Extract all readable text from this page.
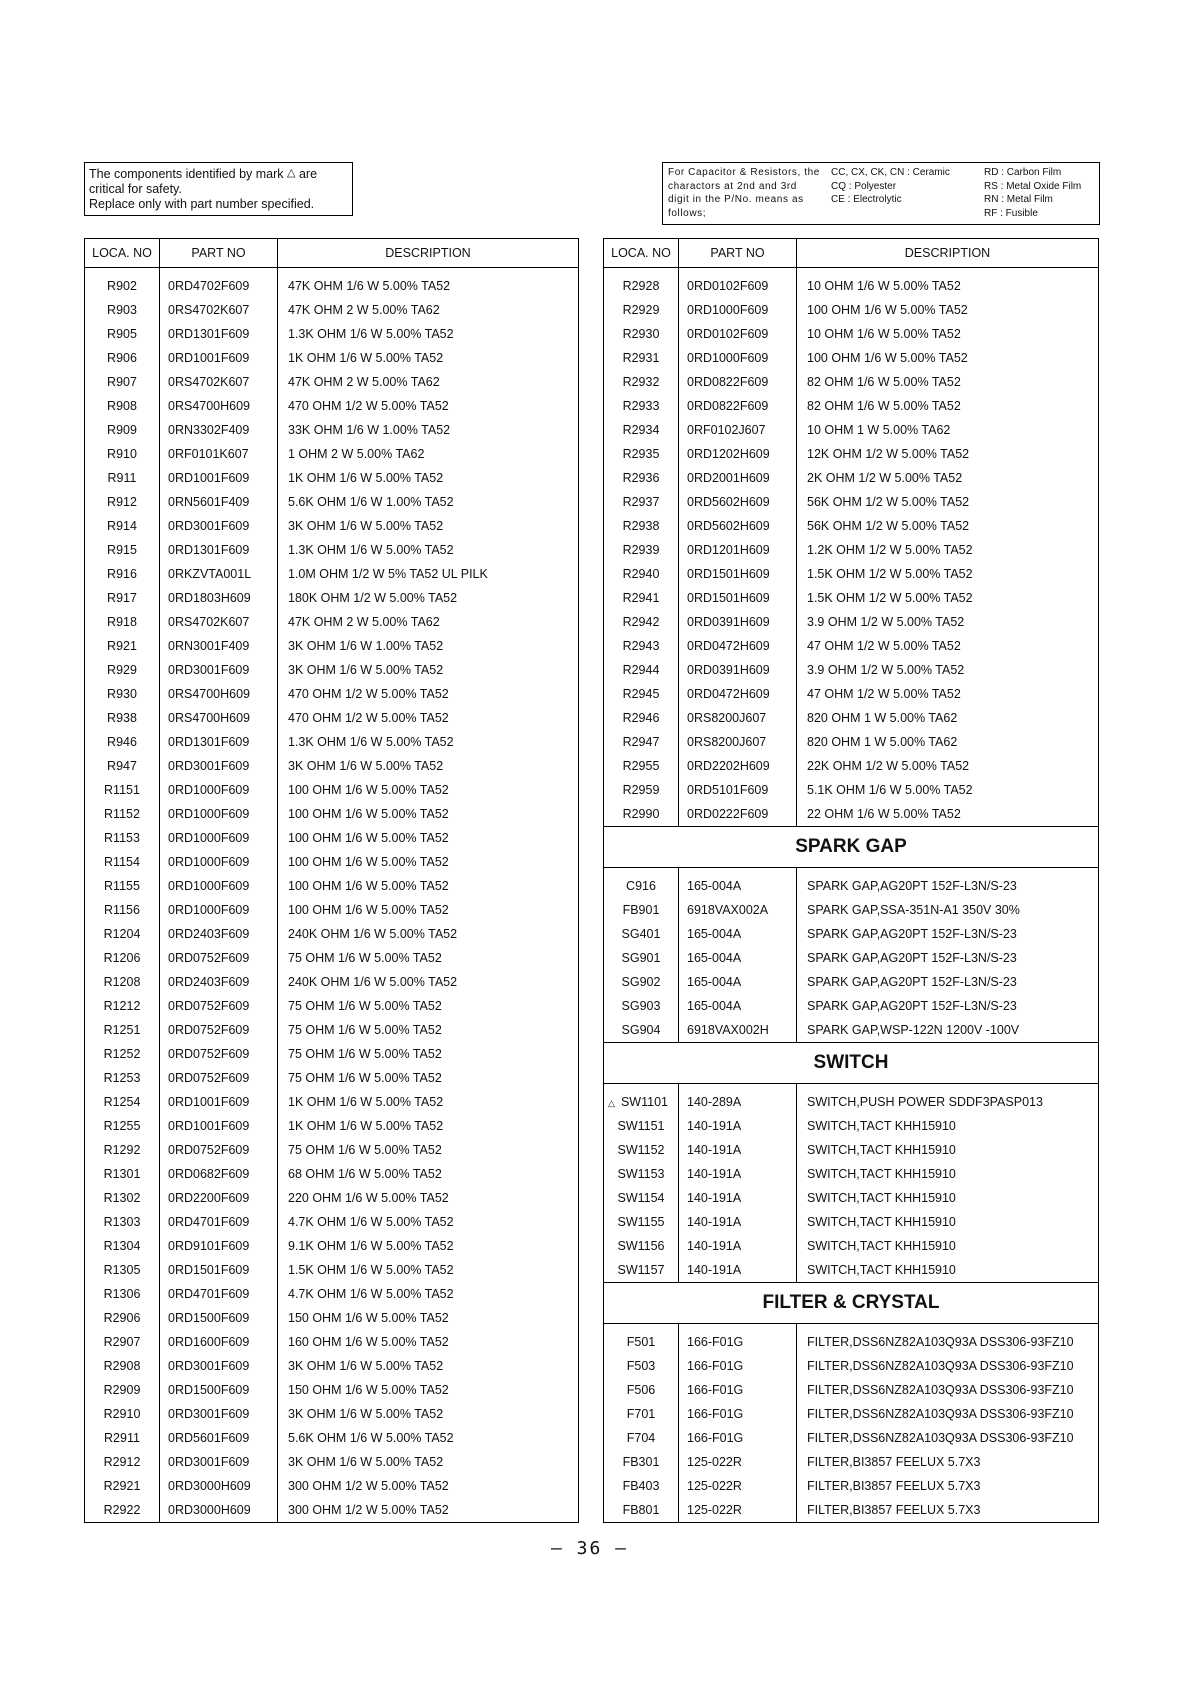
The components identified by mark △ are
critical for safety.
Replace only with part number specified.
For Capacitor & Resistors, the charactors at 2nd and 3rd digit in the P/No. means as follows;
CC, CX, CK, CN : Ceramic
CQ : Polyester
CE : Electrolytic
RD : Carbon Film
RS : Metal Oxide Film
RN : Metal Film
RF : Fusible
LOCA. NO	PART NO	DESCRIPTION
R902	0RD4702F609	47K OHM 1/6 W 5.00% TA52
R903	0RS4702K607	47K OHM 2 W 5.00% TA62
R905	0RD1301F609	1.3K OHM 1/6 W 5.00% TA52
R906	0RD1001F609	1K OHM 1/6 W 5.00% TA52
R907	0RS4702K607	47K OHM 2 W 5.00% TA62
R908	0RS4700H609	470 OHM 1/2 W 5.00% TA52
R909	0RN3302F409	33K OHM 1/6 W 1.00% TA52
R910	0RF0101K607	1 OHM 2 W 5.00% TA62
R911	0RD1001F609	1K OHM 1/6 W 5.00% TA52
R912	0RN5601F409	5.6K OHM 1/6 W 1.00% TA52
R914	0RD3001F609	3K OHM 1/6 W 5.00% TA52
R915	0RD1301F609	1.3K OHM 1/6 W 5.00% TA52
R916	0RKZVTA001L	1.0M OHM 1/2 W 5% TA52 UL PILK
R917	0RD1803H609	180K OHM 1/2 W 5.00% TA52
R918	0RS4702K607	47K OHM 2 W 5.00% TA62
R921	0RN3001F409	3K OHM 1/6 W 1.00% TA52
R929	0RD3001F609	3K OHM 1/6 W 5.00% TA52
R930	0RS4700H609	470 OHM 1/2 W 5.00% TA52
R938	0RS4700H609	470 OHM 1/2 W 5.00% TA52
R946	0RD1301F609	1.3K OHM 1/6 W 5.00% TA52
R947	0RD3001F609	3K OHM 1/6 W 5.00% TA52
R1151	0RD1000F609	100 OHM 1/6 W 5.00% TA52
R1152	0RD1000F609	100 OHM 1/6 W 5.00% TA52
R1153	0RD1000F609	100 OHM 1/6 W 5.00% TA52
R1154	0RD1000F609	100 OHM 1/6 W 5.00% TA52
R1155	0RD1000F609	100 OHM 1/6 W 5.00% TA52
R1156	0RD1000F609	100 OHM 1/6 W 5.00% TA52
R1204	0RD2403F609	240K OHM 1/6 W 5.00% TA52
R1206	0RD0752F609	75 OHM 1/6 W 5.00% TA52
R1208	0RD2403F609	240K OHM 1/6 W 5.00% TA52
R1212	0RD0752F609	75 OHM 1/6 W 5.00% TA52
R1251	0RD0752F609	75 OHM 1/6 W 5.00% TA52
R1252	0RD0752F609	75 OHM 1/6 W 5.00% TA52
R1253	0RD0752F609	75 OHM 1/6 W 5.00% TA52
R1254	0RD1001F609	1K OHM 1/6 W 5.00% TA52
R1255	0RD1001F609	1K OHM 1/6 W 5.00% TA52
R1292	0RD0752F609	75 OHM 1/6 W 5.00% TA52
R1301	0RD0682F609	68 OHM 1/6 W 5.00% TA52
R1302	0RD2200F609	220 OHM 1/6 W 5.00% TA52
R1303	0RD4701F609	4.7K OHM 1/6 W 5.00% TA52
R1304	0RD9101F609	9.1K OHM 1/6 W 5.00% TA52
R1305	0RD1501F609	1.5K OHM 1/6 W 5.00% TA52
R1306	0RD4701F609	4.7K OHM 1/6 W 5.00% TA52
R2906	0RD1500F609	150 OHM 1/6 W 5.00% TA52
R2907	0RD1600F609	160 OHM 1/6 W 5.00% TA52
R2908	0RD3001F609	3K OHM 1/6 W 5.00% TA52
R2909	0RD1500F609	150 OHM 1/6 W 5.00% TA52
R2910	0RD3001F609	3K OHM 1/6 W 5.00% TA52
R2911	0RD5601F609	5.6K OHM 1/6 W 5.00% TA52
R2912	0RD3001F609	3K OHM 1/6 W 5.00% TA52
R2921	0RD3000H609	300 OHM 1/2 W 5.00% TA52
R2922	0RD3000H609	300 OHM 1/2 W 5.00% TA52
LOCA. NO	PART NO	DESCRIPTION
R2928	0RD0102F609	10 OHM 1/6 W 5.00% TA52
R2929	0RD1000F609	100 OHM 1/6 W 5.00% TA52
R2930	0RD0102F609	10 OHM 1/6 W 5.00% TA52
R2931	0RD1000F609	100 OHM 1/6 W 5.00% TA52
R2932	0RD0822F609	82 OHM 1/6 W 5.00% TA52
R2933	0RD0822F609	82 OHM 1/6 W 5.00% TA52
R2934	0RF0102J607	10 OHM 1 W 5.00% TA62
R2935	0RD1202H609	12K OHM 1/2 W 5.00% TA52
R2936	0RD2001H609	2K OHM 1/2 W 5.00% TA52
R2937	0RD5602H609	56K OHM 1/2 W 5.00% TA52
R2938	0RD5602H609	56K OHM 1/2 W 5.00% TA52
R2939	0RD1201H609	1.2K OHM 1/2 W 5.00% TA52
R2940	0RD1501H609	1.5K OHM 1/2 W 5.00% TA52
R2941	0RD1501H609	1.5K OHM 1/2 W 5.00% TA52
R2942	0RD0391H609	3.9 OHM 1/2 W 5.00% TA52
R2943	0RD0472H609	47 OHM 1/2 W 5.00% TA52
R2944	0RD0391H609	3.9 OHM 1/2 W 5.00% TA52
R2945	0RD0472H609	47 OHM 1/2 W 5.00% TA52
R2946	0RS8200J607	820 OHM 1 W 5.00% TA62
R2947	0RS8200J607	820 OHM 1 W 5.00% TA62
R2955	0RD2202H609	22K OHM 1/2 W 5.00% TA52
R2959	0RD5101F609	5.1K OHM 1/6 W 5.00% TA52
R2990	0RD0222F609	22 OHM 1/6 W 5.00% TA52
SPARK GAP		
C916	165-004A	SPARK GAP,AG20PT 152F-L3N/S-23
FB901	6918VAX002A	SPARK GAP,SSA-351N-A1 350V 30%
SG401	165-004A	SPARK GAP,AG20PT 152F-L3N/S-23
SG901	165-004A	SPARK GAP,AG20PT 152F-L3N/S-23
SG902	165-004A	SPARK GAP,AG20PT 152F-L3N/S-23
SG903	165-004A	SPARK GAP,AG20PT 152F-L3N/S-23
SG904	6918VAX002H	SPARK GAP,WSP-122N 1200V -100V
SWITCH		
△ SW1101	140-289A	SWITCH,PUSH POWER SDDF3PASP013
SW1151	140-191A	SWITCH,TACT KHH15910
SW1152	140-191A	SWITCH,TACT KHH15910
SW1153	140-191A	SWITCH,TACT KHH15910
SW1154	140-191A	SWITCH,TACT KHH15910
SW1155	140-191A	SWITCH,TACT KHH15910
SW1156	140-191A	SWITCH,TACT KHH15910
SW1157	140-191A	SWITCH,TACT KHH15910
FILTER & CRYSTAL		
F501	166-F01G	FILTER,DSS6NZ82A103Q93A DSS306-93FZ10
F503	166-F01G	FILTER,DSS6NZ82A103Q93A DSS306-93FZ10
F506	166-F01G	FILTER,DSS6NZ82A103Q93A DSS306-93FZ10
F701	166-F01G	FILTER,DSS6NZ82A103Q93A DSS306-93FZ10
F704	166-F01G	FILTER,DSS6NZ82A103Q93A DSS306-93FZ10
FB301	125-022R	FILTER,BI3857 FEELUX 5.7X3
FB403	125-022R	FILTER,BI3857 FEELUX 5.7X3
FB801	125-022R	FILTER,BI3857 FEELUX 5.7X3
– 36 –
